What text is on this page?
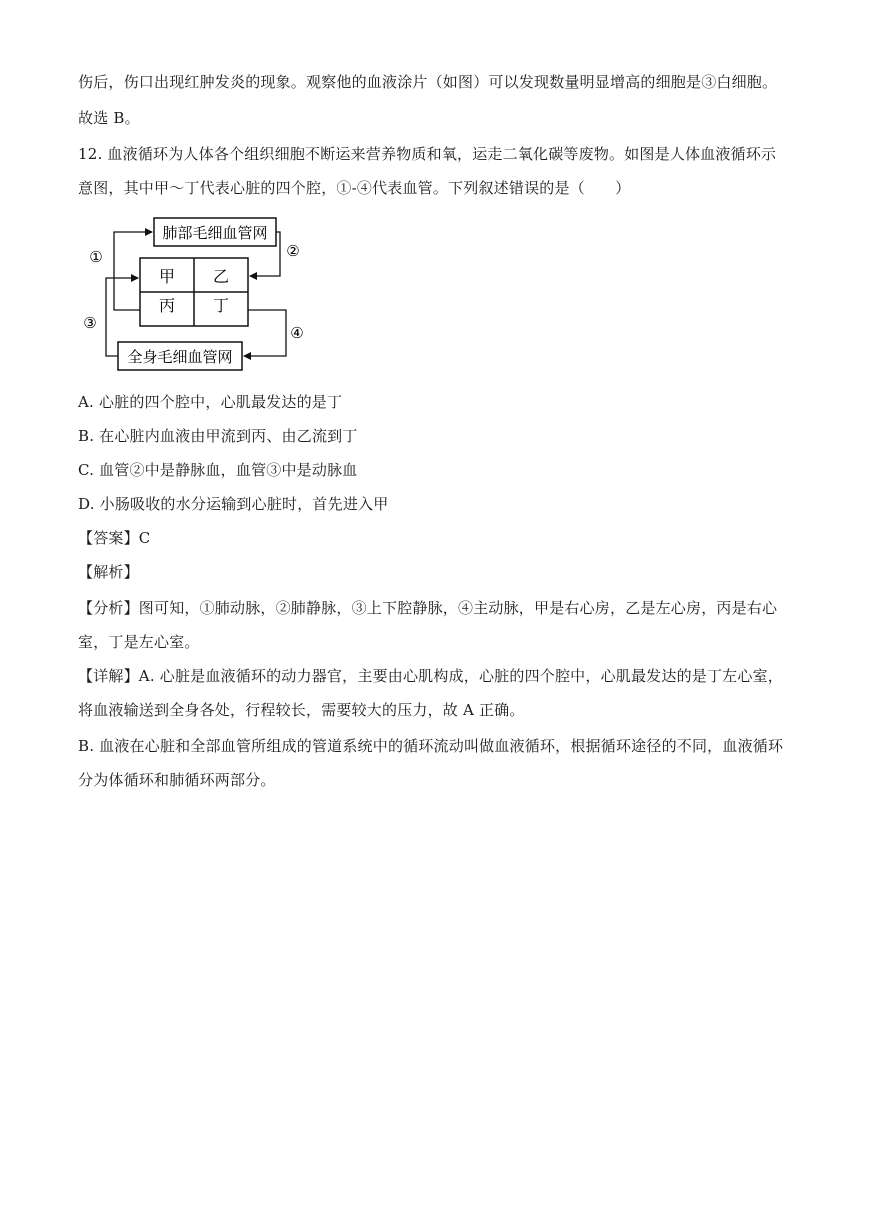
伤后，伤口出现红肿发炎的现象。观察他的血液涂片（如图）可以发现数量明显增高的细胞是③白细胞。
故选 B。
12. 血液循环为人体各个组织细胞不断运来营养物质和氧，运走二氧化碳等废物。如图是人体血液循环示
意图，其中甲～丁代表心脏的四个腔，①-④代表血管。下列叙述错误的是（　　）
肺部毛细血管网
甲 乙
丙 丁
全身毛细血管网
①	②
③
④
A. 心脏的四个腔中，心肌最发达的是丁
B. 在心脏内血液由甲流到丙、由乙流到丁
C. 血管②中是静脉血，血管③中是动脉血
D. 小肠吸收的水分运输到心脏时，首先进入甲
【答案】C
【解析】
【分析】图可知，①肺动脉，②肺静脉，③上下腔静脉，④主动脉，甲是右心房，乙是左心房，丙是右心
室，丁是左心室。
【详解】A. 心脏是血液循环的动力器官，主要由心肌构成，心脏的四个腔中，心肌最发达的是丁左心室，
将血液输送到全身各处，行程较长，需要较大的压力，故 A 正确。
B. 血液在心脏和全部血管所组成的管道系统中的循环流动叫做血液循环，根据循环途径的不同，血液循环
分为体循环和肺循环两部分。
